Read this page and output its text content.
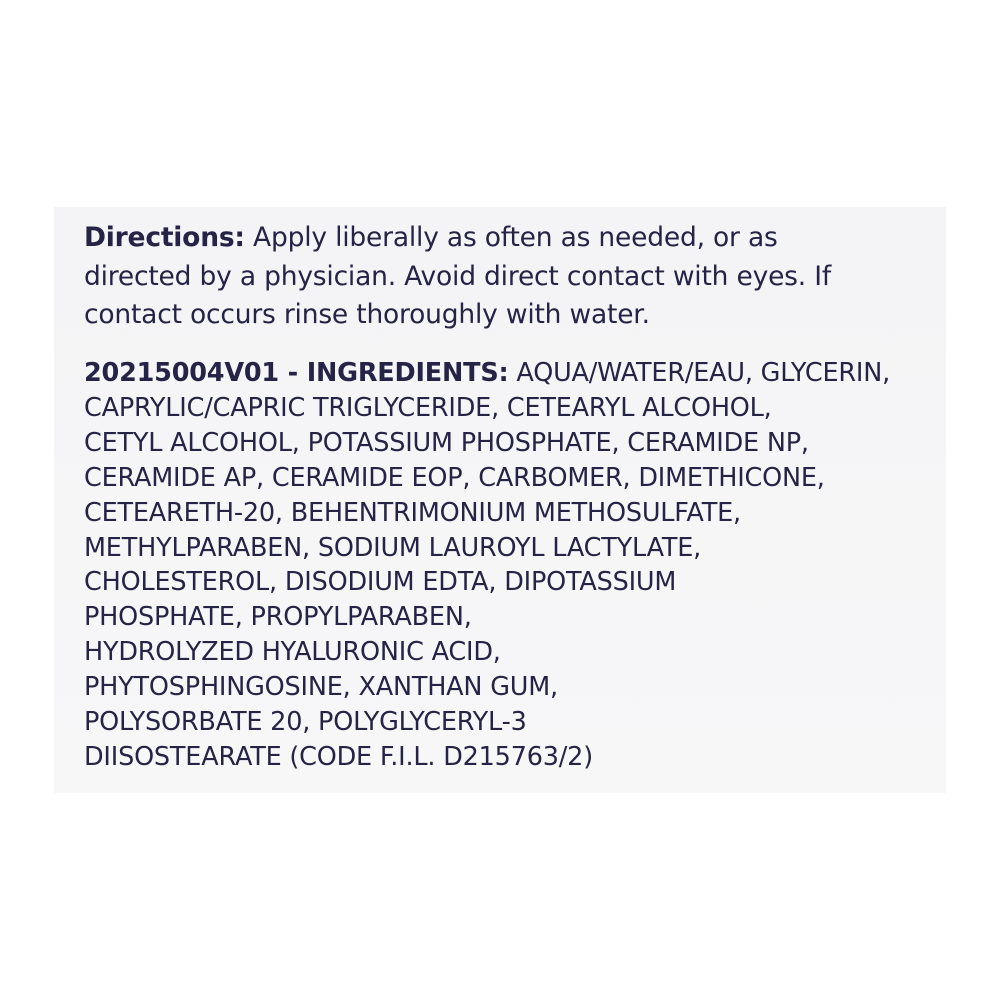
Directions: Apply liberally as often as needed, or as
directed by a physician. Avoid direct contact with eyes. If
contact occurs rinse thoroughly with water.
20215004V01 - INGREDIENTS: AQUA/WATER/EAU, GLYCERIN,
CAPRYLIC/CAPRIC TRIGLYCERIDE, CETEARYL ALCOHOL,
CETYL ALCOHOL, POTASSIUM PHOSPHATE, CERAMIDE NP,
CERAMIDE AP, CERAMIDE EOP, CARBOMER, DIMETHICONE,
CETEARETH-20, BEHENTRIMONIUM METHOSULFATE,
METHYLPARABEN, SODIUM LAUROYL LACTYLATE,
CHOLESTEROL, DISODIUM EDTA, DIPOTASSIUM
PHOSPHATE, PROPYLPARABEN,
HYDROLYZED HYALURONIC ACID,
PHYTOSPHINGOSINE, XANTHAN GUM,
POLYSORBATE 20, POLYGLYCERYL-3
DIISOSTEARATE (CODE F.I.L. D215763/2)
